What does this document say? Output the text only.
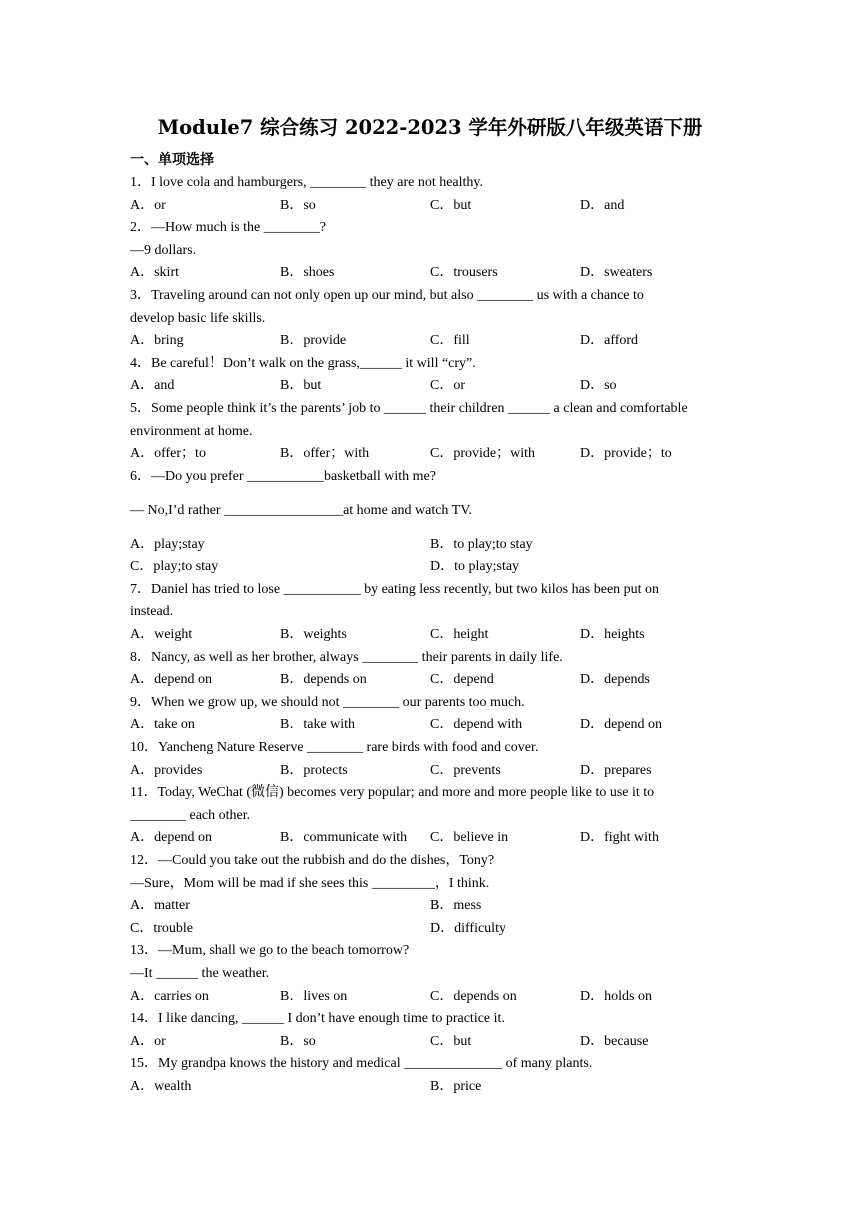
Module7 综合练习 2022-2023 学年外研版八年级英语下册
一、单项选择
1．I love cola and hamburgers, ________ they are not healthy.
A．or	B．so	C．but	D．and
2．—How much is the ________?
—9 dollars.
A．skirt	B．shoes	C．trousers	D．sweaters
3．Traveling around can not only open up our mind, but also ________ us with a chance to
develop basic life skills.
A．bring	B．provide	C．fill	D．afford
4．Be careful！Don’t walk on the grass,______ it will “cry”.
A．and	B．but	C．or	D．so
5．Some people think it’s the parents’ job to ______ their children ______ a clean and comfortable
environment at home.
A．offer；to	B．offer；with	C．provide；with	D．provide；to
6．—Do you prefer ___________basketball with me?
— No,I’d rather _________________at home and watch TV.
A．play;stay	B．to play;to stay
C．play;to stay	D．to play;stay
7．Daniel has tried to lose ___________ by eating less recently, but two kilos has been put on
instead.
A．weight	B．weights	C．height	D．heights
8．Nancy, as well as her brother, always ________ their parents in daily life.
A．depend on	B．depends on	C．depend	D．depends
9．When we grow up, we should not ________ our parents too much.
A．take on	B．take with	C．depend with	D．depend on
10．Yancheng Nature Reserve ________ rare birds with food and cover.
A．provides	B．protects	C．prevents	D．prepares
11．Today, WeChat (微信) becomes very popular; and more and more people like to use it to
________ each other.
A．depend on	B．communicate with C．believe in	D．fight with
12．—Could you take out the rubbish and do the dishes，Tony?
—Sure，Mom will be mad if she sees this _________，I think.
A．matter	B．mess
C．trouble	D．difficulty
13．—Mum, shall we go to the beach tomorrow?
—It ______ the weather.
A．carries on	B．lives on	C．depends on	D．holds on
14．I like dancing, ______ I don’t have enough time to practice it.
A．or	B．so	C．but	D．because
15．My grandpa knows the history and medical ______________ of many plants.
A．wealth	B．price
